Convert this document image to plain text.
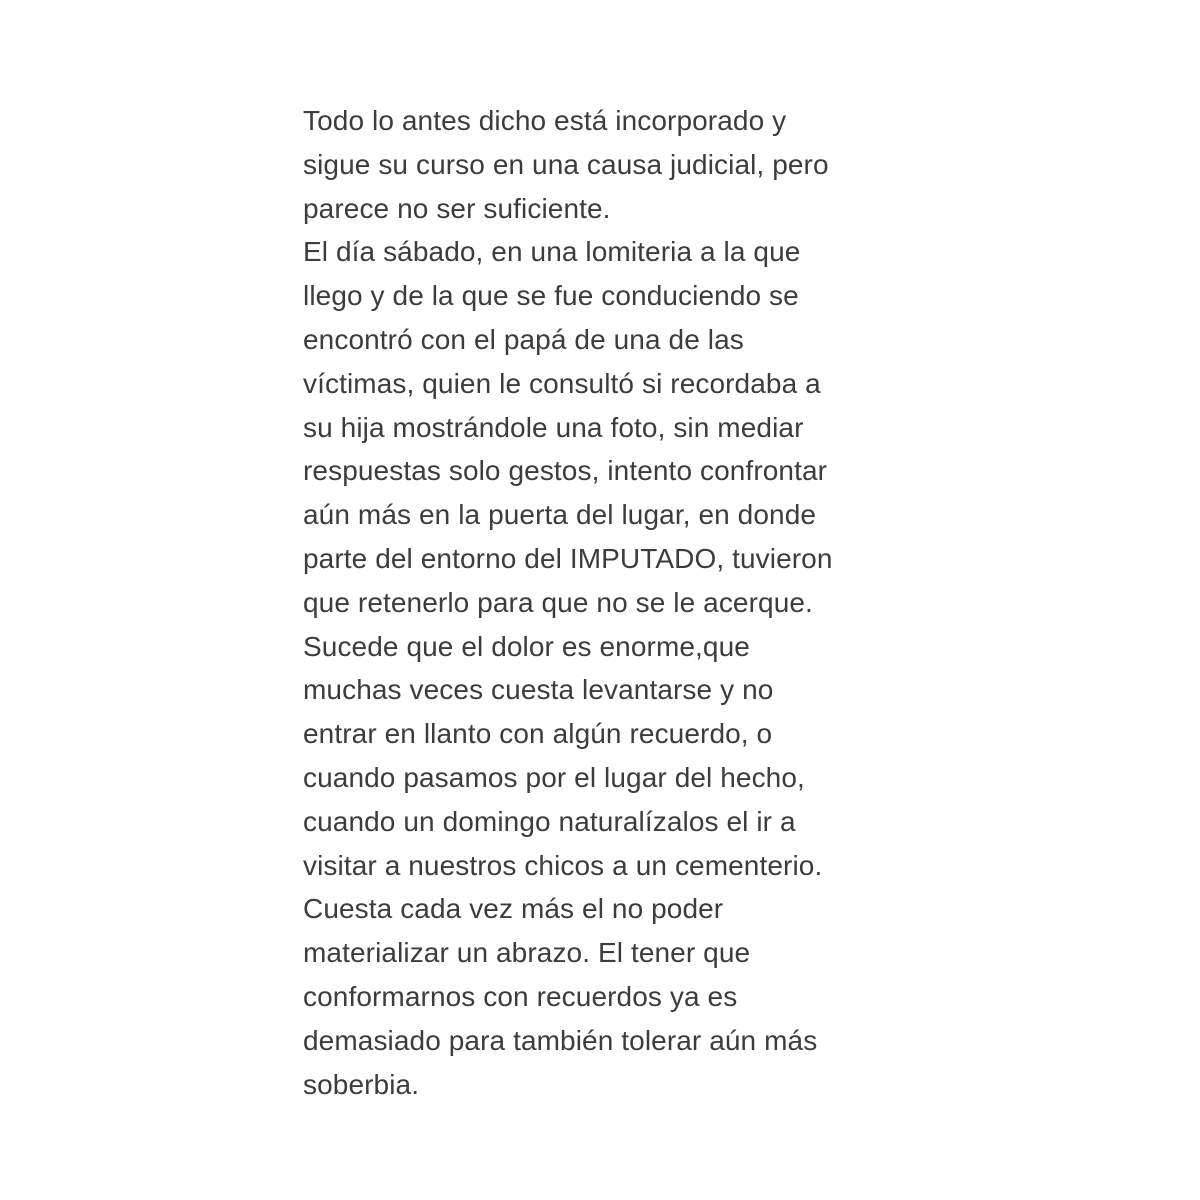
Todo lo antes dicho está incorporado y

sigue su curso en una causa judicial, pero

parece no ser suficiente.

El día sábado, en una lomiteria a la que

llego y de la que se fue conduciendo se

encontró con el papá de una de las

víctimas, quien le consultó si recordaba a

su hija mostrándole una foto, sin mediar

respuestas solo gestos, intento confrontar

aún más en la puerta del lugar, en donde

parte del entorno del IMPUTADO, tuvieron

que retenerlo para que no se le acerque.

Sucede que el dolor es enorme,que

muchas veces cuesta levantarse y no

entrar en llanto con algún recuerdo, o

cuando pasamos por el lugar del hecho,

cuando un domingo naturalízalos el ir a

visitar a nuestros chicos a un cementerio.

Cuesta cada vez más el no poder

materializar un abrazo. El tener que

conformarnos con recuerdos ya es

demasiado para también tolerar aún más

soberbia.
